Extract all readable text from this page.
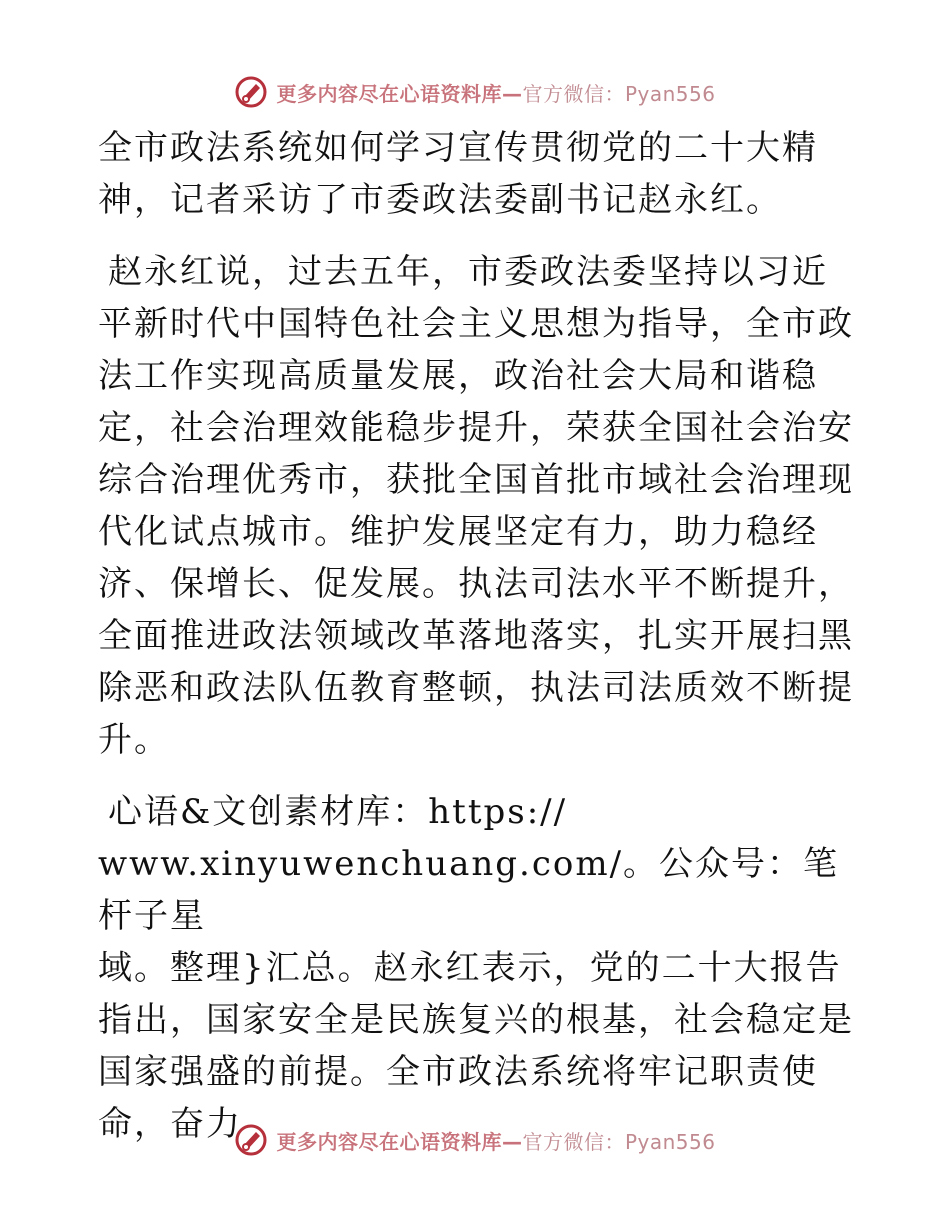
更多内容尽在心语资料库—官方微信：Pyan556

全市政法系统如何学习宣传贯彻党的二十大精神，记者采访了市委政法委副书记赵永红。

赵永红说，过去五年，市委政法委坚持以习近平新时代中国特色社会主义思想为指导，全市政法工作实现高质量发展，政治社会大局和谐稳定，社会治理效能稳步提升，荣获全国社会治安综合治理优秀市，获批全国首批市域社会治理现代化试点城市。维护发展坚定有力，助力稳经济、保增长、促发展。执法司法水平不断提升，全面推进政法领域改革落地落实，扎实开展扫黑除恶和政法队伍教育整顿，执法司法质效不断提升。

心语&文创素材库：https://

www.xinyuwenchuang.com/。公众号：笔杆子星

域。整理}汇总。赵永红表示，党的二十大报告指出，国家安全是民族复兴的根基，社会稳定是国家强盛的前提。全市政法系统将牢记职责使命，奋力	更多内容尽在心语资料库—官方微信：Pyan556
